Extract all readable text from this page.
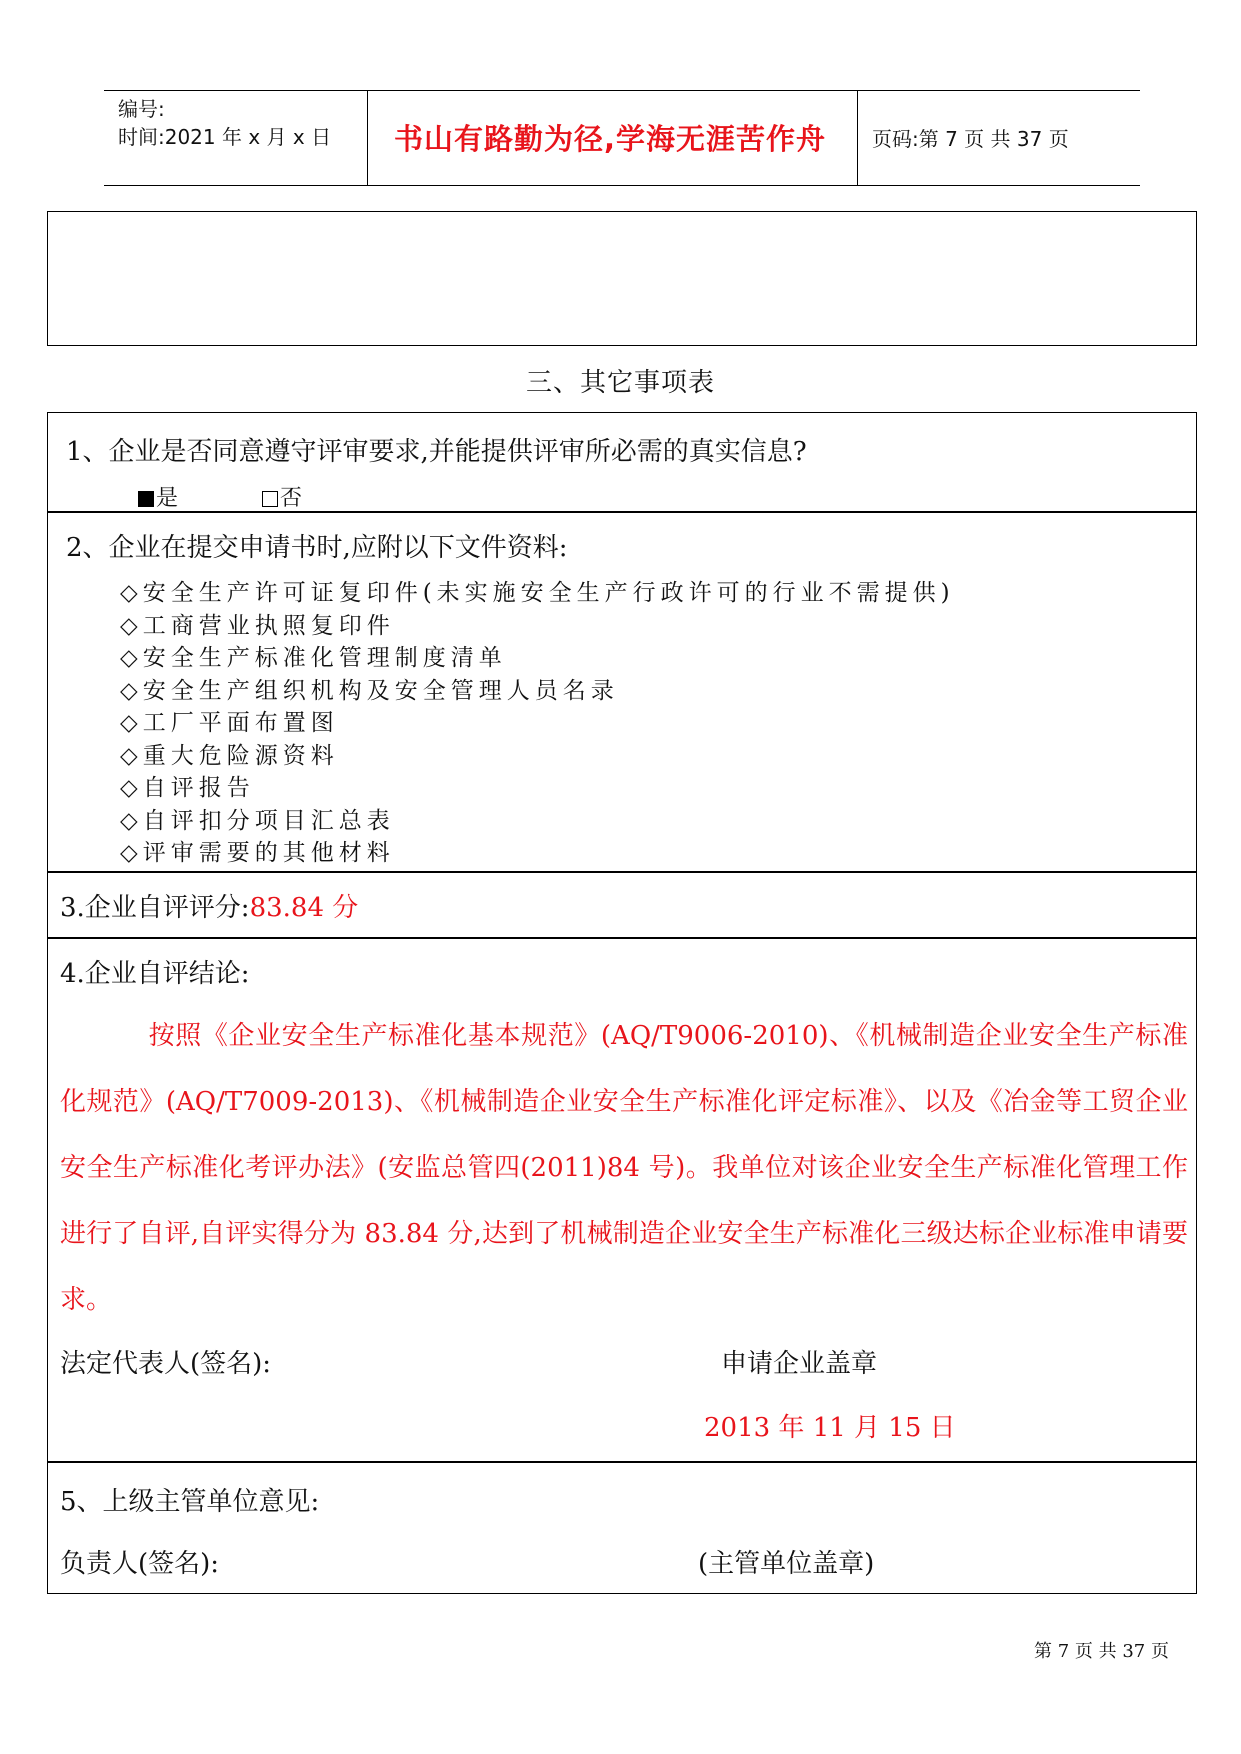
编号:
时间:2021 年 x 月 x 日 书山有路勤为径,学海无涯苦作舟 页码:第 7 页 共 37 页
三、其它事项表
1、企业是否同意遵守评审要求,并能提供评审所必需的真实信息?
是	否
2、企业在提交申请书时,应附以下文件资料:
◇安全生产许可证复印件(未实施安全生产行政许可的行业不需提供)
◇工商营业执照复印件
◇安全生产标准化管理制度清单
◇安全生产组织机构及安全管理人员名录
◇工厂平面布置图
◇重大危险源资料
◇自评报告
◇自评扣分项目汇总表
◇评审需要的其他材料
3.企业自评评分:83.84 分
4.企业自评结论:
按照《企业安全生产标准化基本规范》(AQ/T9006-2010)、《机械制造企业安全生产标准化规范》(AQ/T7009-2013)、《机械制造企业安全生产标准化评定标准》、以及《冶金等工贸企业安全生产标准化考评办法》(安监总管四(2011)84 号)。我单位对该企业安全生产标准化管理工作进行了自评,自评实得分为 83.84 分,达到了机械制造企业安全生产标准化三级达标企业标准申请要求。
法定代表人(签名):	申请企业盖章
2013 年 11 月 15 日
5、上级主管单位意见:
负责人(签名):	(主管单位盖章)
第 7 页 共 37 页
